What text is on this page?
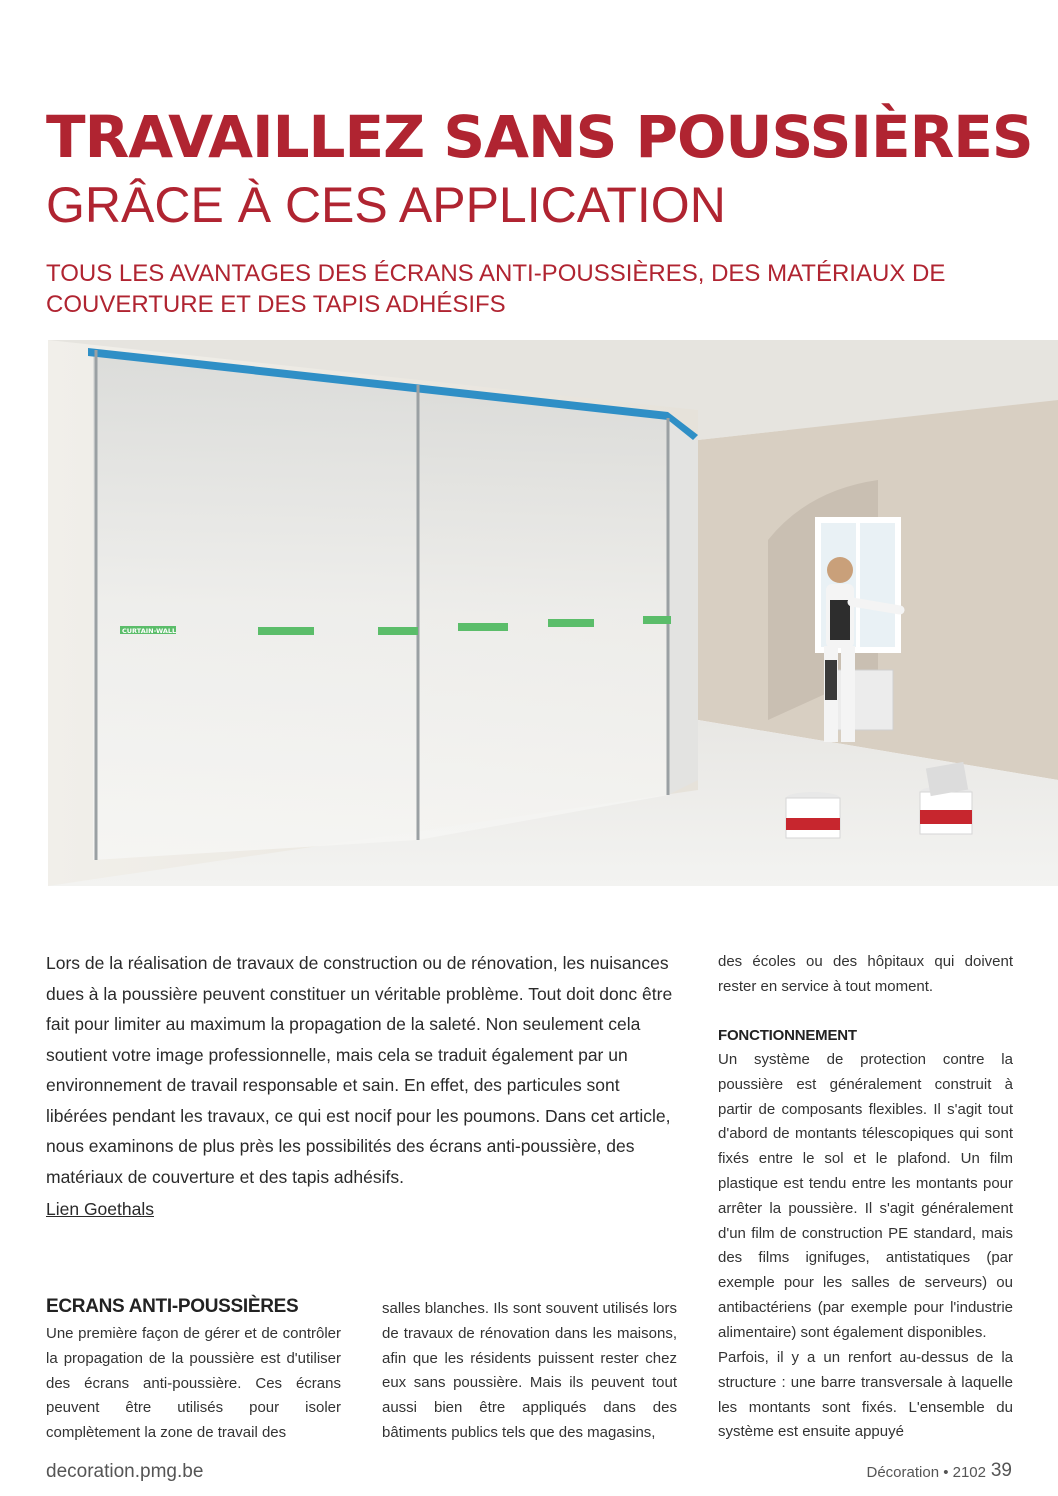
TRAVAILLEZ SANS POUSSIÈRES
GRÂCE À CES APPLICATION

TOUS LES AVANTAGES DES ÉCRANS ANTI-POUSSIÈRES, DES MATÉRIAUX DE COUVERTURE ET DES TAPIS ADHÉSIFS

CURTAIN-WALL

Lors de la réalisation de travaux de construction ou de rénovation, les nuisances dues à la poussière peuvent constituer un véritable problème. Tout doit donc être fait pour limiter au maximum la propagation de la saleté. Non seulement cela soutient votre image professionnelle, mais cela se traduit également par un environnement de travail responsable et sain. En effet, des particules sont libérées pendant les travaux, ce qui est nocif pour les poumons. Dans cet article, nous examinons de plus près les possibilités des écrans anti-poussière, des matériaux de couverture et des tapis adhésifs.

Lien Goethals

ECRANS ANTI-POUSSIÈRES

Une première façon de gérer et de contrôler la propagation de la poussière est d'utiliser des écrans anti-poussière. Ces écrans peuvent être utilisés pour isoler complètement la zone de travail des

salles blanches. Ils sont souvent utilisés lors de travaux de rénovation dans les maisons, afin que les résidents puissent rester chez eux sans poussière. Mais ils peuvent tout aussi bien être appliqués dans des bâtiments publics tels que des magasins,

des écoles ou des hôpitaux qui doivent rester en service à tout moment.

FONCTIONNEMENT

Un système de protection contre la poussière est généralement construit à partir de composants flexibles. Il s'agit tout d'abord de montants télescopiques qui sont fixés entre le sol et le plafond. Un film plastique est tendu entre les montants pour arrêter la poussière. Il s'agit généralement d'un film de construction PE standard, mais des films ignifuges, antistatiques (par exemple pour les salles de serveurs) ou antibactériens (par exemple pour l'industrie alimentaire) sont également disponibles.

Parfois, il y a un renfort au-dessus de la structure : une barre transversale à laquelle les montants sont fixés. L'ensemble du système est ensuite appuyé

decoration.pmg.be	Décoration • 2102 39
